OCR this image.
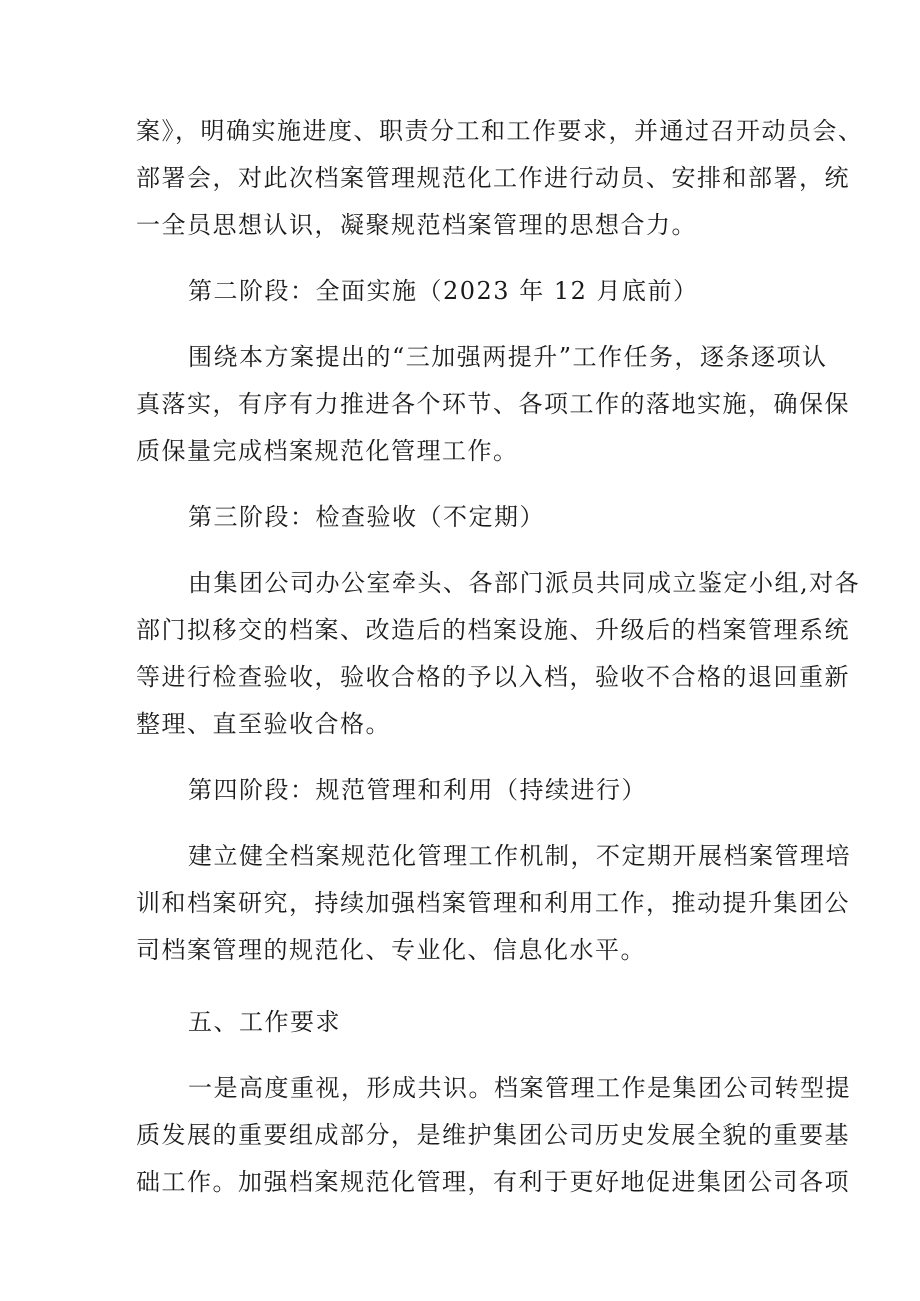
案》，明确实施进度、职责分工和工作要求，并通过召开动员会、
部署会，对此次档案管理规范化工作进行动员、安排和部署，统
一全员思想认识，凝聚规范档案管理的思想合力。

第二阶段：全面实施（2023 年 12 月底前）

围绕本方案提出的“三加强两提升”工作任务，逐条逐项认
真落实，有序有力推进各个环节、各项工作的落地实施，确保保
质保量完成档案规范化管理工作。

第三阶段：检查验收（不定期）

由集团公司办公室牵头、各部门派员共同成立鉴定小组,对各
部门拟移交的档案、改造后的档案设施、升级后的档案管理系统
等进行检查验收，验收合格的予以入档，验收不合格的退回重新
整理、直至验收合格。

第四阶段：规范管理和利用（持续进行）

建立健全档案规范化管理工作机制，不定期开展档案管理培
训和档案研究，持续加强档案管理和利用工作，推动提升集团公
司档案管理的规范化、专业化、信息化水平。

五、工作要求

一是高度重视，形成共识。档案管理工作是集团公司转型提
质发展的重要组成部分，是维护集团公司历史发展全貌的重要基
础工作。加强档案规范化管理，有利于更好地促进集团公司各项
